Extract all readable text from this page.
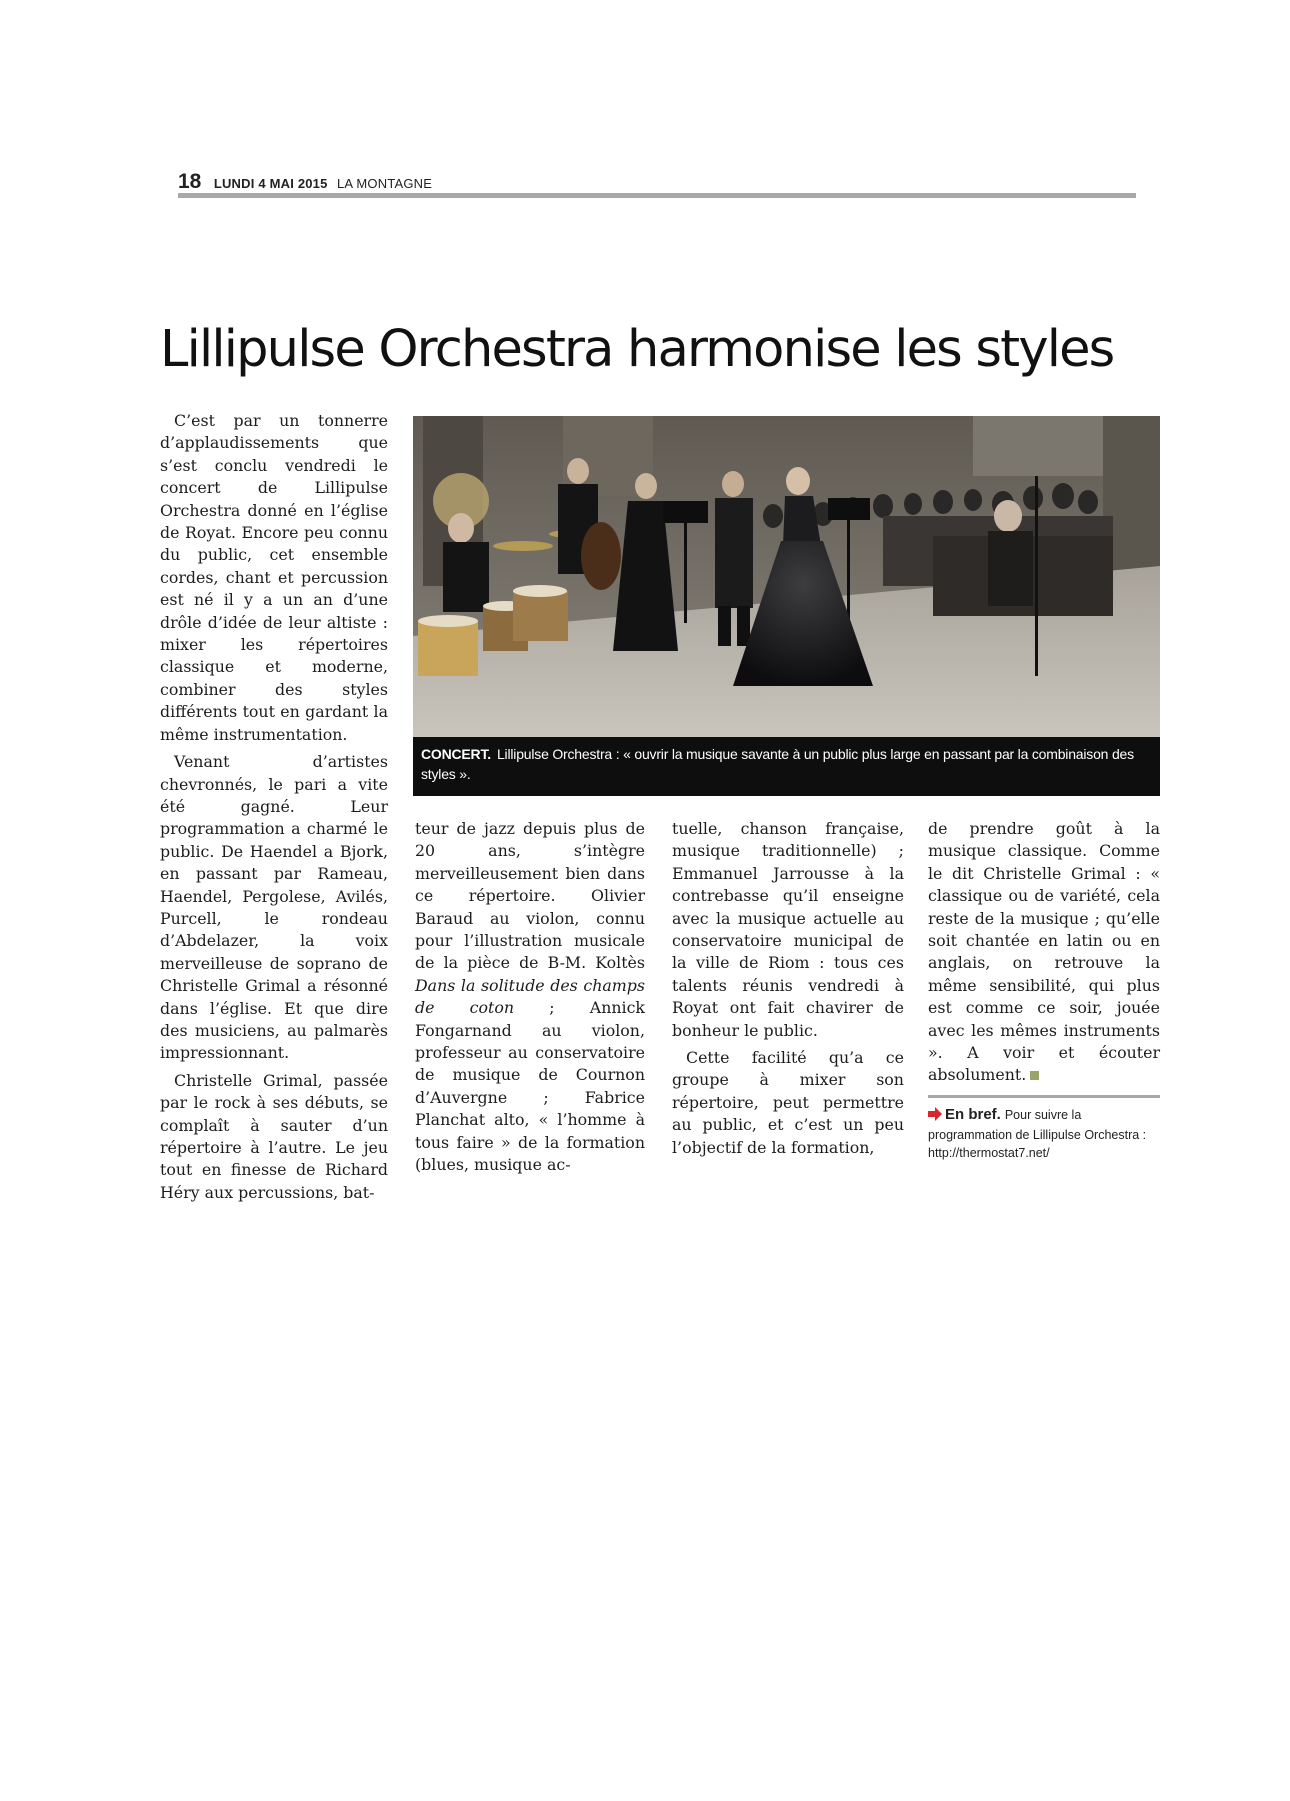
18 LUNDI 4 MAI 2015 LA MONTAGNE
Lillipulse Orchestra harmonise les styles

C’est par un tonnerre d’applaudissements que s’est conclu vendredi le concert de Lillipulse Orchestra donné en l’église de Royat. Encore peu connu du public, cet ensemble cordes, chant et percussion est né il y a un an d’une drôle d’idée de leur altiste : mixer les répertoires classique et moderne, combiner des styles différents tout en gardant la même instrumentation.

Venant d’artistes chevronnés, le pari a vite été gagné. Leur programmation a charmé le public. De Haendel a Bjork, en passant par Rameau, Haendel, Pergolese, Avilés, Purcell, le rondeau d’Abdelazer, la voix merveilleuse de soprano de Christelle Grimal a résonné dans l’église. Et que dire des musiciens, au palmarès impressionnant.

Christelle Grimal, passée par le rock à ses débuts, se complaît à sauter d’un répertoire à l’autre. Le jeu tout en finesse de Richard Héry aux percussions, bat-

CONCERT. Lillipulse Orchestra : « ouvrir la musique savante à un public plus large en passant par la combinaison des styles ».

teur de jazz depuis plus de 20 ans, s’intègre merveilleusement bien dans ce répertoire. Olivier Baraud au violon, connu pour l’illustration musicale de la pièce de B-M. Koltès Dans la solitude des champs de coton ; Annick Fongarnand au violon, professeur au conservatoire de musique de Cournon d’Auvergne ; Fabrice Planchat alto, « l’homme à tous faire » de la formation (blues, musique ac-

tuelle, chanson française, musique traditionnelle) ; Emmanuel Jarrousse à la contrebasse qu’il enseigne avec la musique actuelle au conservatoire municipal de la ville de Riom : tous ces talents réunis vendredi à Royat ont fait chavirer de bonheur le public.

Cette facilité qu’a ce groupe à mixer son répertoire, peut permettre au public, et c’est un peu l’objectif de la formation,

de prendre goût à la musique classique. Comme le dit Christelle Grimal : « classique ou de variété, cela reste de la musique ; qu’elle soit chantée en latin ou en anglais, on retrouve la même sensibilité, qui plus est comme ce soir, jouée avec les mêmes instruments ». A voir et écouter absolument.

En bref. Pour suivre la programmation de Lillipulse Orchestra : http://thermostat7.net/
